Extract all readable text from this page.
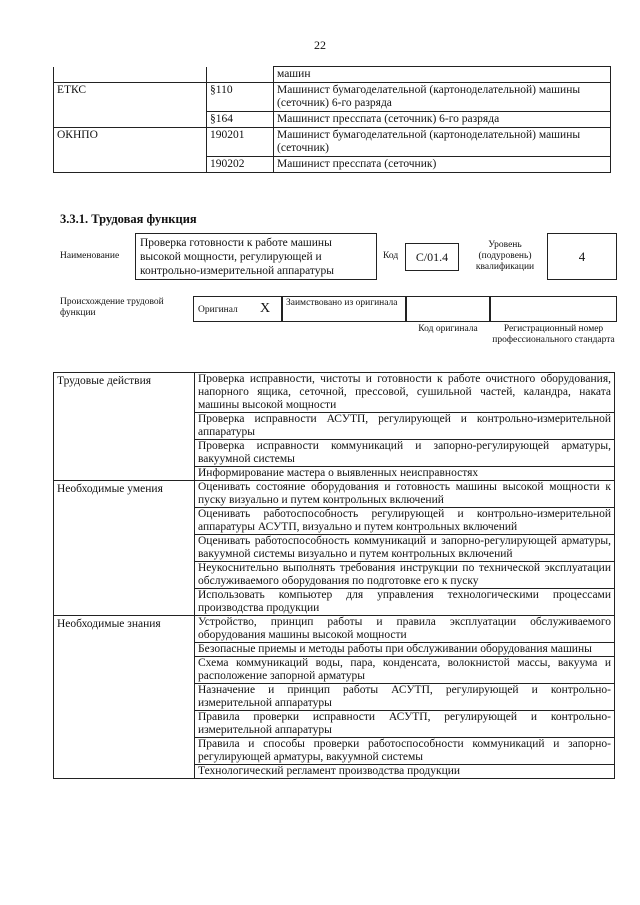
22
		машин
ЕТКС	§110	Машинист бумагоделательной (картоноделательной) машины (сеточник) 6-го разряда
	§164	Машинист пресспата (сеточник) 6-го разряда
ОКНПО	190201	Машинист бумагоделательной (картоноделательной) машины (сеточник)
	190202	Машинист пресспата (сеточник)
3.3.1. Трудовая функция
Наименование
Проверка готовности к работе машины высокой мощности, регулирующей и контрольно-измерительной аппаратуры
Код	C/01.4
Уровень (подуровень) квалификации
4
Происхождение трудовой функции	Оригинал X	Заимствовано из оригинала
Код оригинала	Регистрационный номер профессионального стандарта
Трудовые действия	Проверка исправности, чистоты и готовности к работе очистного оборудования, напорного ящика, сеточной, прессовой, сушильной частей, каландра, наката машины высокой мощности
	Проверка исправности АСУТП, регулирующей и контрольно-измерительной аппаратуры
	Проверка исправности коммуникаций и запорно-регулирующей арматуры, вакуумной системы
	Информирование мастера о выявленных неисправностях
Необходимые умения	Оценивать состояние оборудования и готовность машины высокой мощности к пуску визуально и путем контрольных включений
	Оценивать работоспособность регулирующей и контрольно-измерительной аппаратуры АСУТП, визуально и путем контрольных включений
	Оценивать работоспособность коммуникаций и запорно-регулирующей арматуры, вакуумной системы визуально и путем контрольных включений
	Неукоснительно выполнять требования инструкции по технической эксплуатации обслуживаемого оборудования по подготовке его к пуску
	Использовать компьютер для управления технологическими процессами производства продукции
Необходимые знания	Устройство, принцип работы и правила эксплуатации обслуживаемого оборудования машины высокой мощности
	Безопасные приемы и методы работы при обслуживании оборудования машины
	Схема коммуникаций воды, пара, конденсата, волокнистой массы, вакуума и расположение запорной арматуры
	Назначение и принцип работы АСУТП, регулирующей и контрольно-измерительной аппаратуры
	Правила проверки исправности АСУТП, регулирующей и контрольно-измерительной аппаратуры
	Правила и способы проверки работоспособности коммуникаций и запорно-регулирующей арматуры, вакуумной системы
	Технологический регламент производства продукции
